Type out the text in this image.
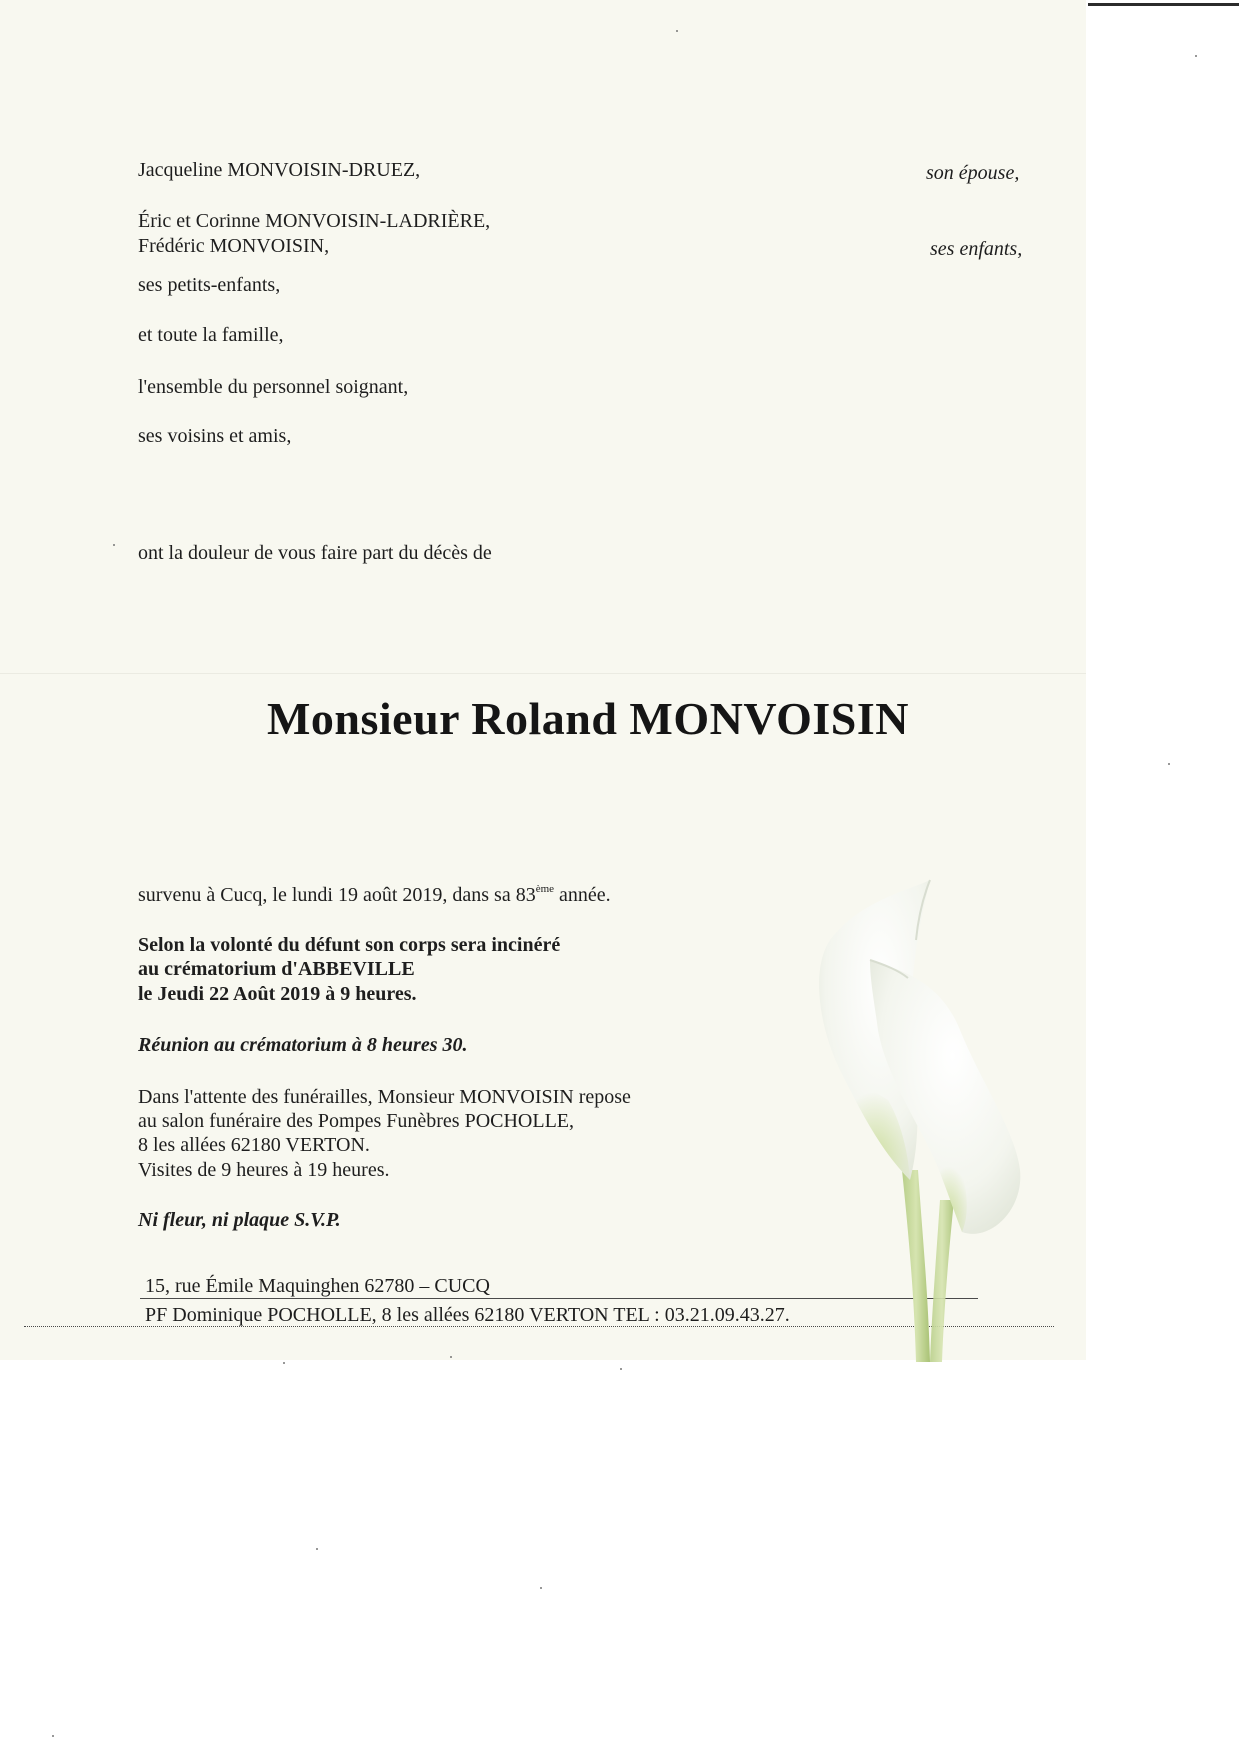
Jacqueline MONVOISIN-DRUEZ,	son épouse,
Éric et Corinne MONVOISIN-LADRIÈRE,
Frédéric MONVOISIN,	ses enfants,
ses petits-enfants,
et toute la famille,
l'ensemble du personnel soignant,
ses voisins et amis,
ont la douleur de vous faire part du décès de
Monsieur Roland MONVOISIN
survenu à Cucq, le lundi 19 août 2019, dans sa 83ème année.
Selon la volonté du défunt son corps sera incinéré
au crématorium d'ABBEVILLE
le Jeudi 22 Août 2019 à 9 heures.
Réunion au crématorium à 8 heures 30.
Dans l'attente des funérailles, Monsieur MONVOISIN repose
au salon funéraire des Pompes Funèbres POCHOLLE,
8 les allées 62180 VERTON.
Visites de 9 heures à 19 heures.
Ni fleur, ni plaque S.V.P.
15, rue Émile Maquinghen 62780 – CUCQ
PF Dominique POCHOLLE, 8 les allées 62180 VERTON TEL : 03.21.09.43.27.
